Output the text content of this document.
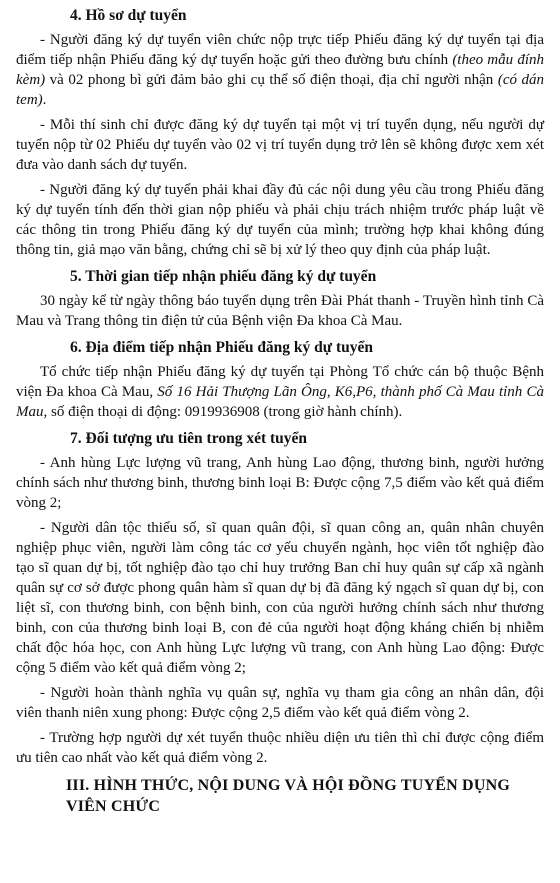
4. Hồ sơ dự tuyển

- Người đăng ký dự tuyển viên chức nộp trực tiếp Phiếu đăng ký dự tuyển tại địa điểm tiếp nhận Phiếu đăng ký dự tuyển hoặc gửi theo đường bưu chính (theo mẫu đính kèm) và 02 phong bì gửi đảm bảo ghi cụ thể số điện thoại, địa chỉ người nhận (có dán tem).

- Mỗi thí sinh chỉ được đăng ký dự tuyển tại một vị trí tuyển dụng, nếu người dự tuyển nộp từ 02 Phiếu dự tuyển vào 02 vị trí tuyển dụng trở lên sẽ không được xem xét đưa vào danh sách dự tuyển.

- Người đăng ký dự tuyển phải khai đầy đủ các nội dung yêu cầu trong Phiếu đăng ký dự tuyển tính đến thời gian nộp phiếu và phải chịu trách nhiệm trước pháp luật về các thông tin trong Phiếu đăng ký dự tuyển của mình; trường hợp khai không đúng thông tin, giả mạo văn bằng, chứng chỉ sẽ bị xử lý theo quy định của pháp luật.

5. Thời gian tiếp nhận phiếu đăng ký dự tuyển

30 ngày kể từ ngày thông báo tuyển dụng trên Đài Phát thanh - Truyền hình tỉnh Cà Mau và Trang thông tin điện tử của Bệnh viện Đa khoa Cà Mau.

6. Địa điểm tiếp nhận Phiếu đăng ký dự tuyển

Tổ chức tiếp nhận Phiếu đăng ký dự tuyển tại Phòng Tổ chức cán bộ thuộc Bệnh viện Đa khoa Cà Mau, Số 16 Hải Thượng Lãn Ông, K6,P6, thành phố Cà Mau tỉnh Cà Mau, số điện thoại di động: 0919936908 (trong giờ hành chính).

7. Đối tượng ưu tiên trong xét tuyển

- Anh hùng Lực lượng vũ trang, Anh hùng Lao động, thương binh, người hưởng chính sách như thương binh, thương binh loại B: Được cộng 7,5 điểm vào kết quả điểm vòng 2;

- Người dân tộc thiểu số, sĩ quan quân đội, sĩ quan công an, quân nhân chuyên nghiệp phục viên, người làm công tác cơ yếu chuyển ngành, học viên tốt nghiệp đào tạo sĩ quan dự bị, tốt nghiệp đào tạo chỉ huy trưởng Ban chỉ huy quân sự cấp xã ngành quân sự cơ sở được phong quân hàm sĩ quan dự bị đã đăng ký ngạch sĩ quan dự bị, con liệt sĩ, con thương binh, con bệnh binh, con của người hưởng chính sách như thương binh, con của thương binh loại B, con đẻ của người hoạt động kháng chiến bị nhiễm chất độc hóa học, con Anh hùng Lực lượng vũ trang, con Anh hùng Lao động: Được cộng 5 điểm vào kết quả điểm vòng 2;

- Người hoàn thành nghĩa vụ quân sự, nghĩa vụ tham gia công an nhân dân, đội viên thanh niên xung phong: Được cộng 2,5 điểm vào kết quả điểm vòng 2.

- Trường hợp người dự xét tuyển thuộc nhiều diện ưu tiên thì chỉ được cộng điểm ưu tiên cao nhất vào kết quả điểm vòng 2.

III. HÌNH THỨC, NỘI DUNG VÀ HỘI ĐỒNG TUYỂN DỤNG VIÊN CHỨC
